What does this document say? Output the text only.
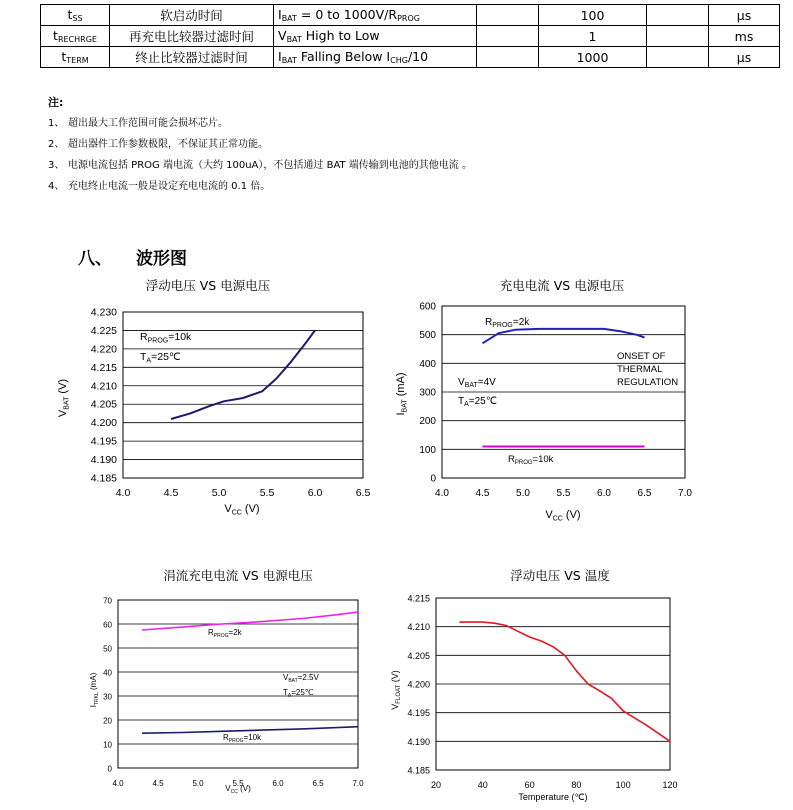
$t_{SS}$	软启动时间	$I_{BAT} = 0$ to $1000V/R_{PROG}$		100		μs
$t_{RECHRGE}$	再充电比较器过滤时间	$V_{BAT}$ High to Low		1		ms
$t_{TERM}$	终止比较器过滤时间	$I_{BAT}$ Falling Below $I_{CHG}/10$		1000		μs
注:
1、 超出最大工作范围可能会损坏芯片。
2、 超出器件工作参数极限，不保证其正常功能。
3、 电源电流包括 PROG 端电流（大约 100uA），不包括通过 BAT 端传输到电池的其他电流 。
4、 充电终止电流一般是设定充电电流的 0.1 倍。
八、 波形图
浮动电压 VS 电源电压
4.185
4.190
4.195
4.200
4.205
4.210
4.215
4.220
4.225
4.230
4.0	4.5	5.0	5.5	6.0	6.5
$V_{CC}$ (V)
$V_{BAT}$ (V)
$R_{PROG}=10k$
$T_A=25℃$
充电电流 VS 电源电压
0
100
200
300
400
500
600
4.0	4.5	5.0	5.5	6.0	6.5	7.0
$V_{CC}$ (V)
$I_{BAT}$ (mA)
$R_{PROG}=2k$
$V_{BAT}=4V$
$T_A=25℃$
$R_{PROG}=10k$
ONSET OF
THERMAL
REGULATION
涓流充电电流 VS 电源电压
0
10
20
30
40
50
60
70
4.0	4.5	5.0	5.5	6.0	6.5	7.0
$V_{CC}$ (V)
$I_{TRKL}$ (mA)
$R_{PROG}=2k$
$V_{BAT}=2.5V$
$T_A=25℃$
$R_{PROG}=10k$
浮动电压 VS 温度
4.185
4.190
4.195
4.200
4.205
4.210
4.215
20	40	60	80	100	120
Temperature (℃)
$V_{FLOAT}$ (V)
